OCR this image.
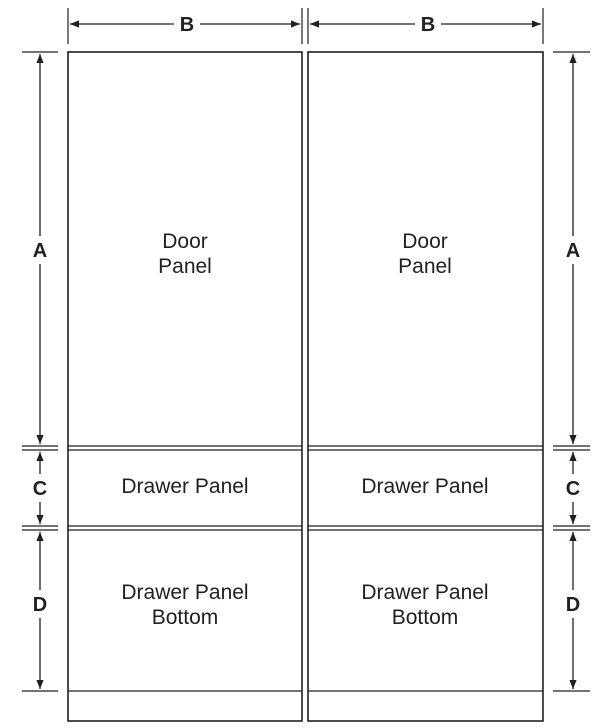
Door
Panel
Drawer Panel
Drawer Panel
Bottom
Door
Panel
Drawer Panel
Drawer Panel
Bottom
B	B
A
C
D
A
C
D
